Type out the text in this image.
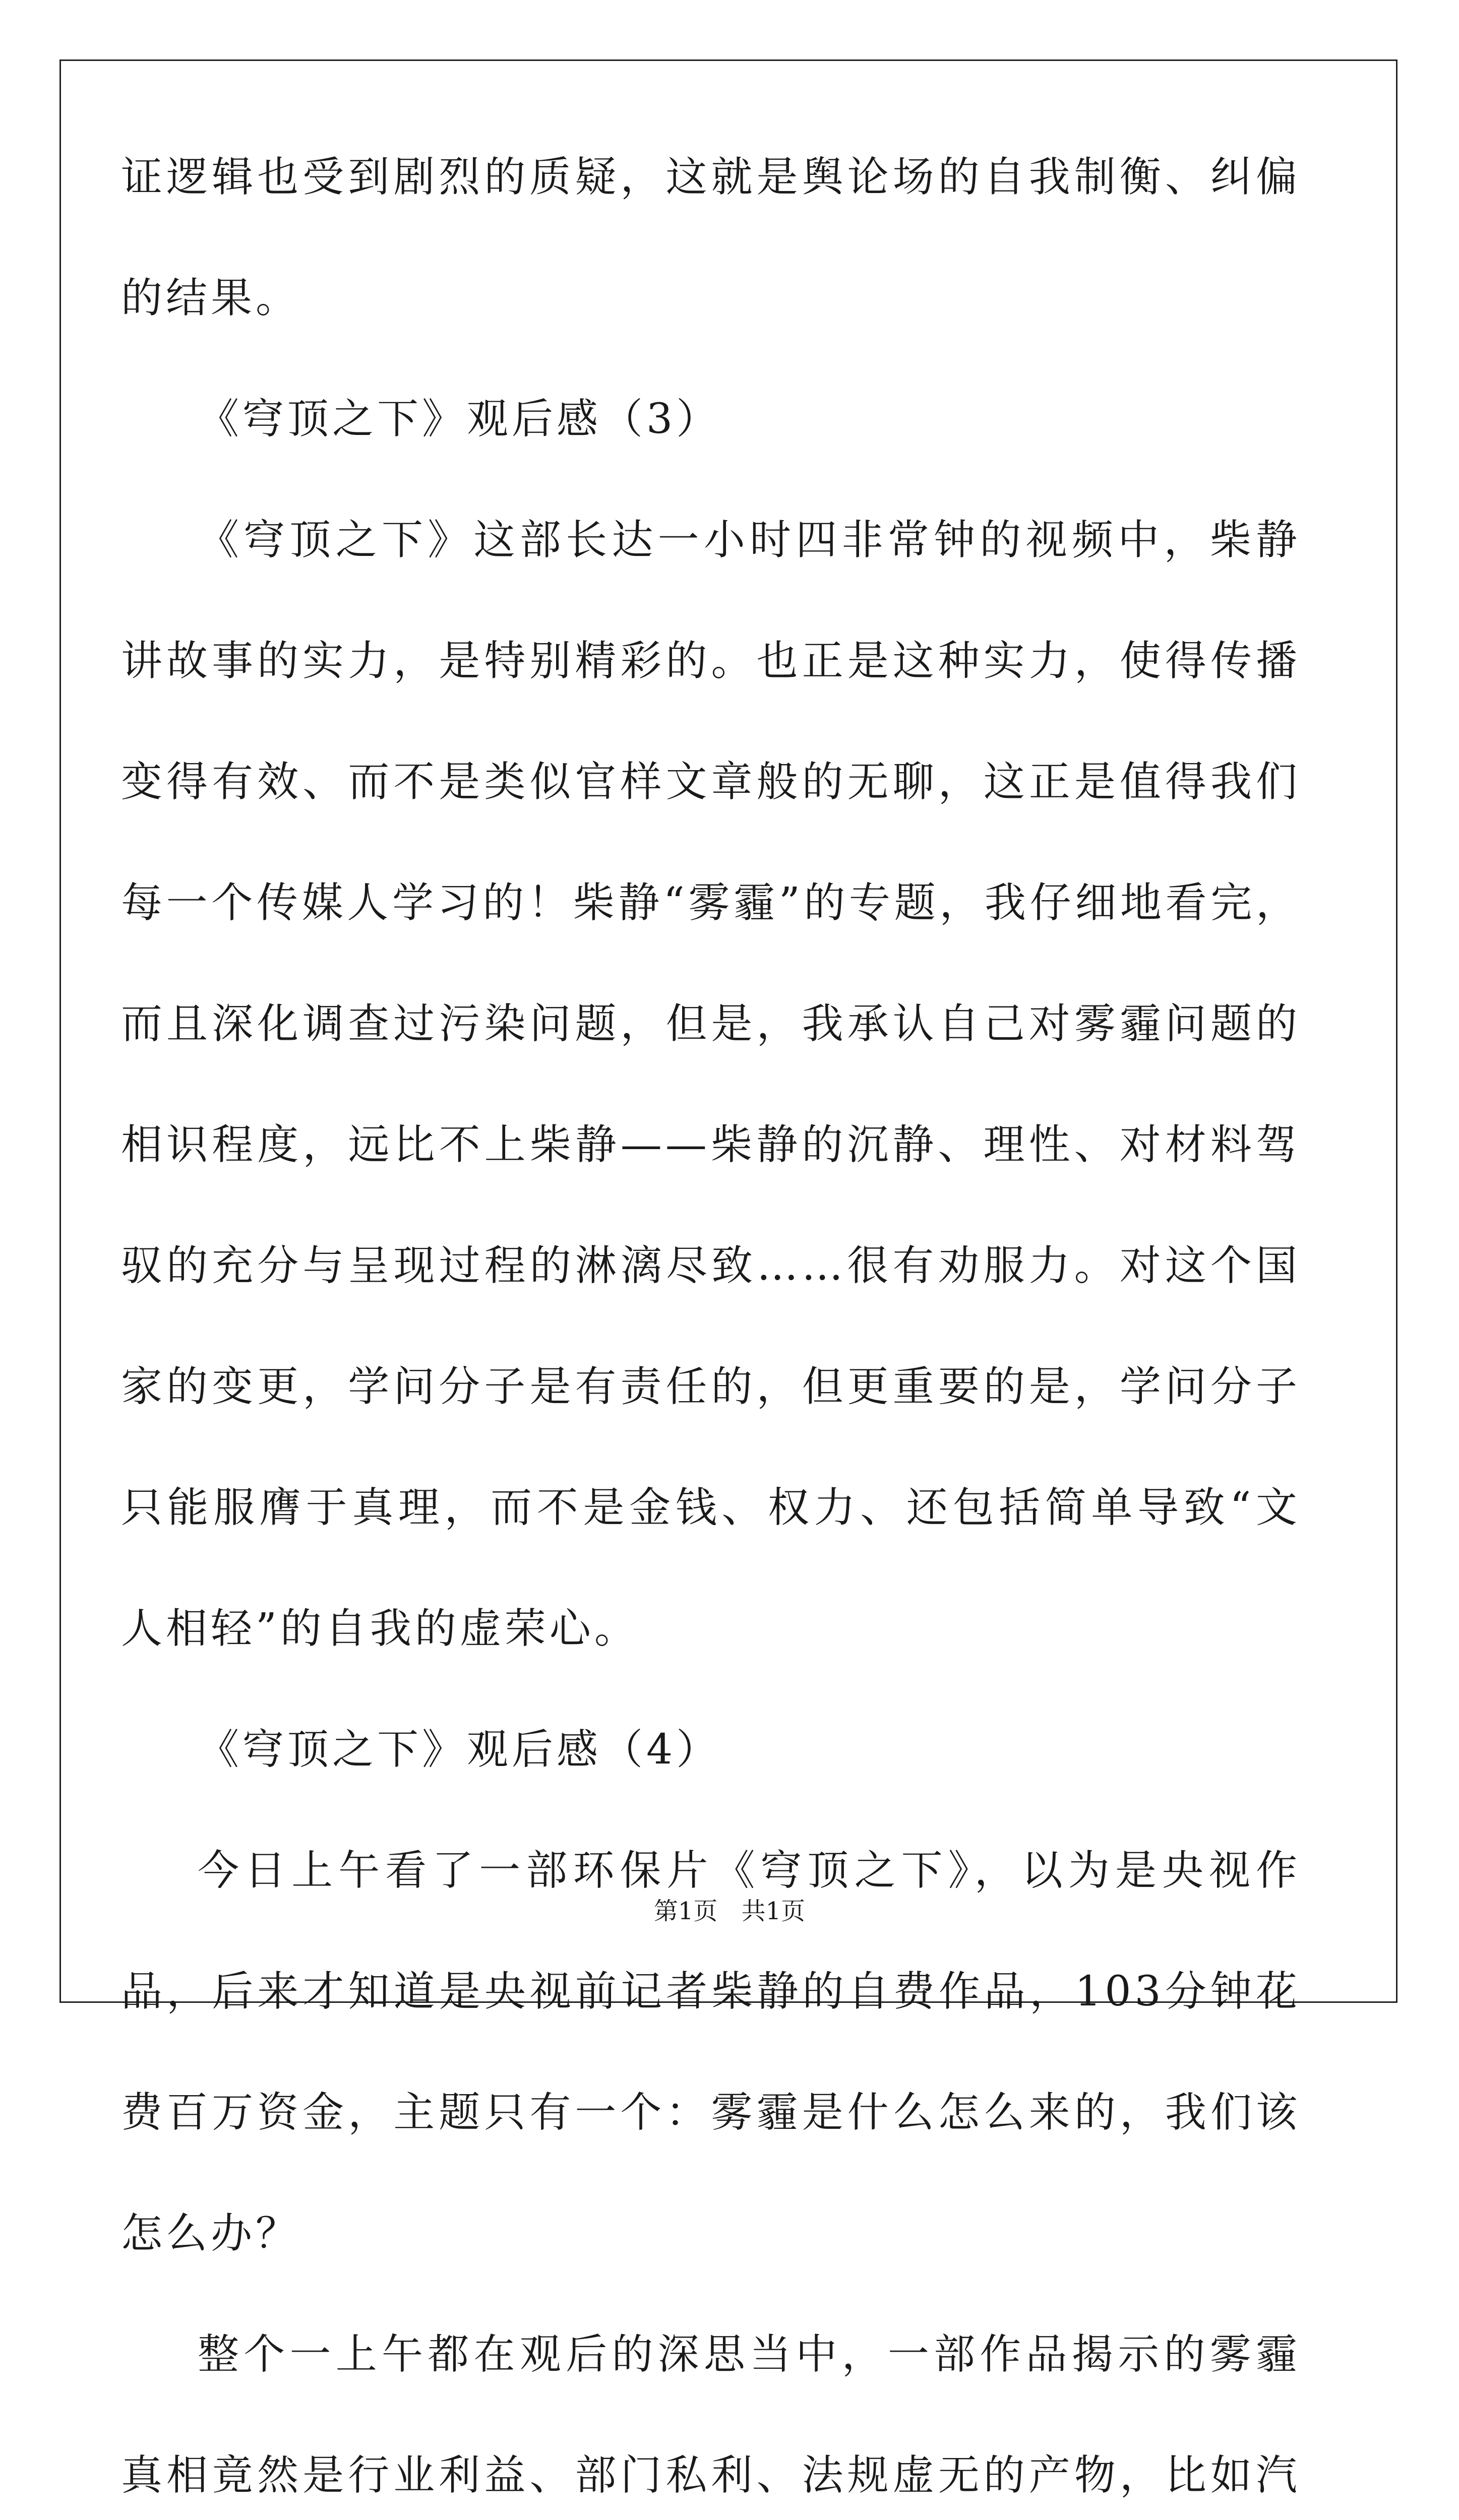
证逻辑也受到剧烈的质疑，这就是舆论场的自我制衡、纠偏的结果。

《穹顶之下》观后感（3）

《穹顶之下》这部长达一小时四非常钟的视频中，柴静讲故事的实力，是特别精彩的。也正是这种实力，使得传播变得有效、而不是类似官样文章般的无聊，这正是值得我们每一个传媒人学习的！柴静“雾霾”的专题，我仔细地看完，而且深化调查过污染问题，但是，我承认自己对雾霾问题的相识程度，远比不上柴静——柴静的沉静、理性、对材料驾驭的充分与呈现过程的淋漓尽致……很有劝服力。对这个国家的变更，学问分子是有责任的，但更重要的是，学问分子只能服膺于真理，而不是金钱、权力、还包括简单导致“文人相轻”的自我的虚荣心。

《穹顶之下》观后感（4）

今日上午看了一部环保片《穹顶之下》，以为是央视作品，后来才知道是央视前记者柴静的自费作品，103分钟花费百万资金，主题只有一个：雾霾是什么怎么来的，我们该怎么办？

整个一上午都在观后的深思当中，一部作品揭示的雾霾真相竟然是行业利益、部门私利、法规虚无的产物，比如汽

第1页 共1页
